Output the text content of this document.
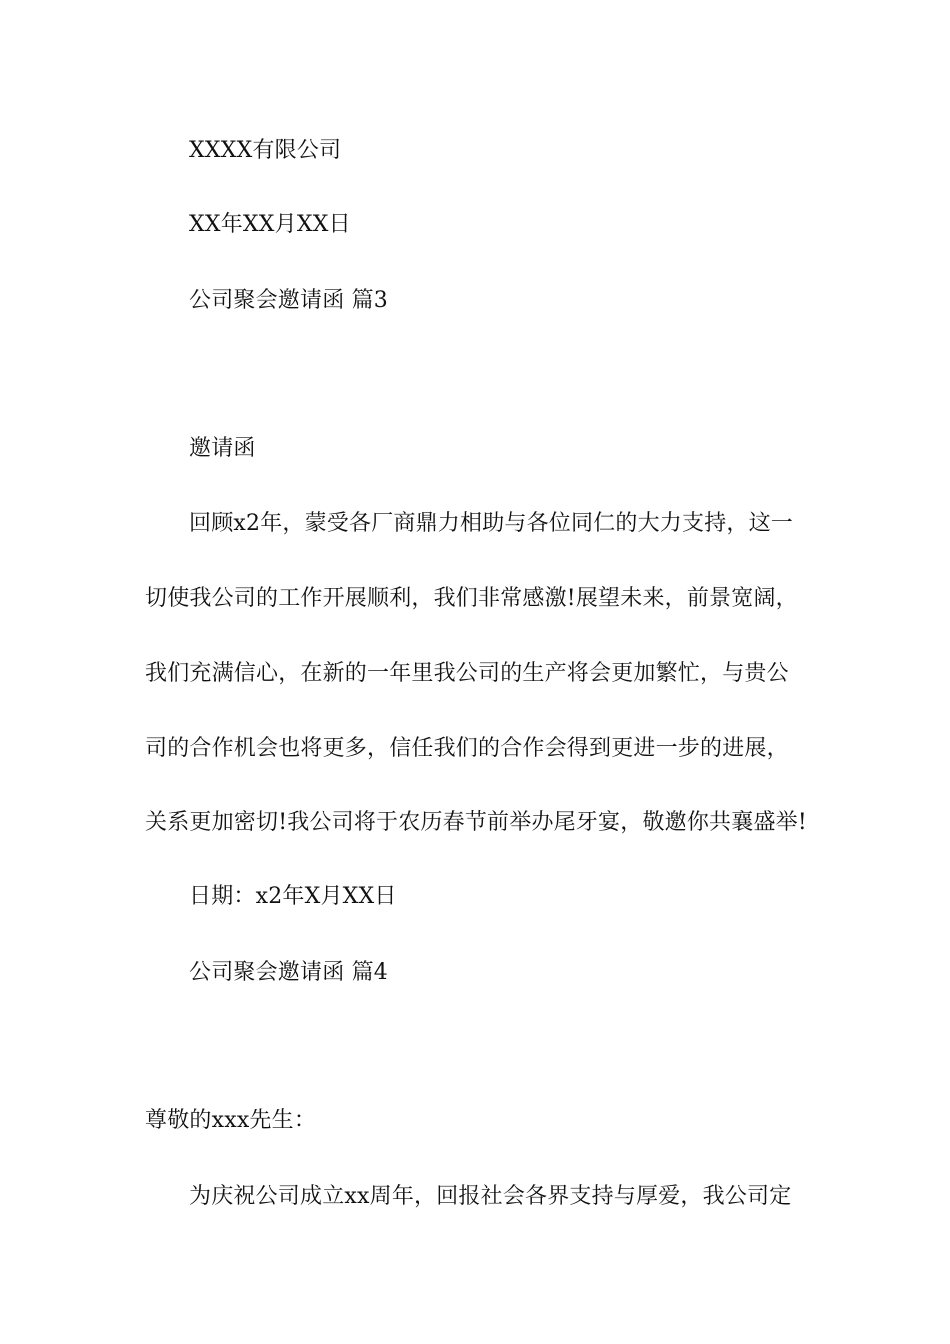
XXXX有限公司
XX年XX月XX日
公司聚会邀请函 篇3
邀请函
回顾x2年，蒙受各厂商鼎力相助与各位同仁的大力支持，这一
切使我公司的工作开展顺利，我们非常感激!展望未来，前景宽阔，
我们充满信心，在新的一年里我公司的生产将会更加繁忙，与贵公
司的合作机会也将更多，信任我们的合作会得到更进一步的进展，
关系更加密切!我公司将于农历春节前举办尾牙宴，敬邀你共襄盛举!
日期：x2年X月XX日
公司聚会邀请函 篇4
尊敬的xxx先生：
为庆祝公司成立xx周年，回报社会各界支持与厚爱，我公司定
